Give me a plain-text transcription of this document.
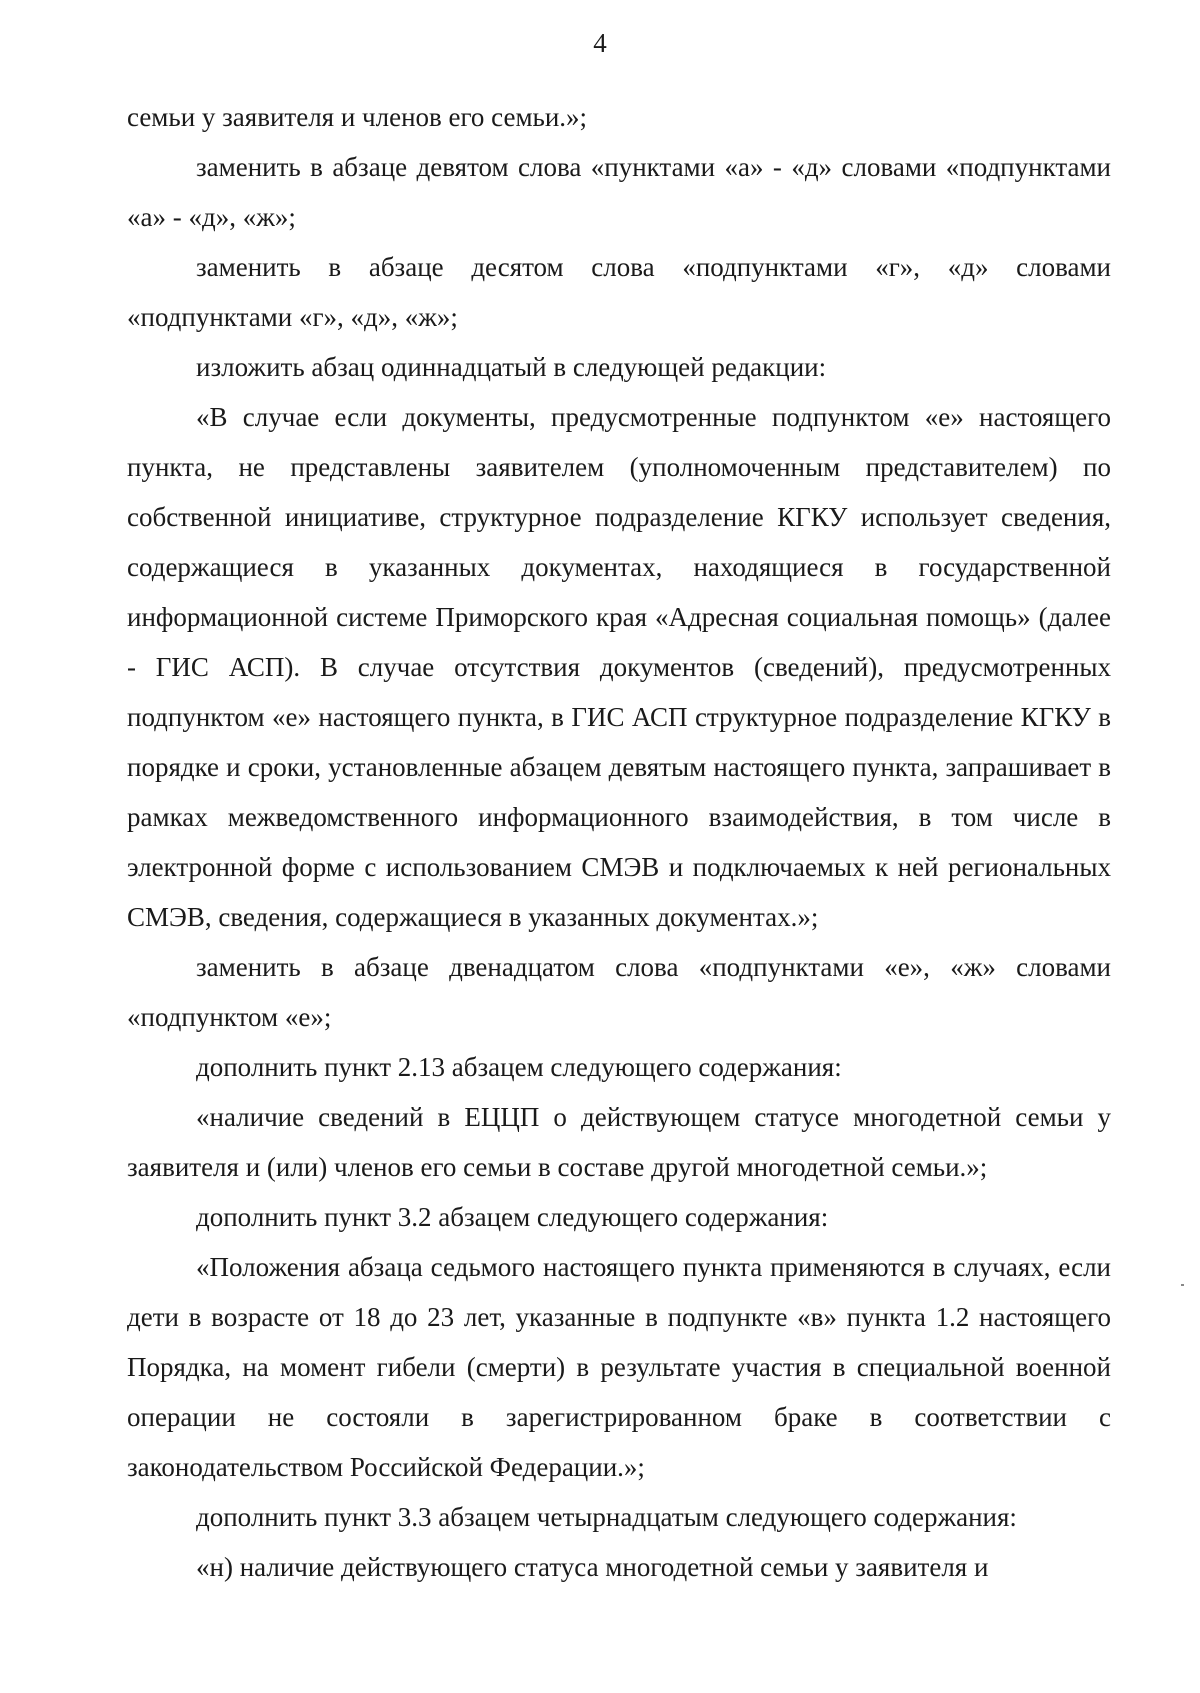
4

семьи у заявителя и членов его семьи.»;

заменить в абзаце девятом слова «пунктами «а» - «д» словами «подпунктами «а» - «д», «ж»;

заменить в абзаце десятом слова «подпунктами «г», «д» словами «подпунктами «г», «д», «ж»;

изложить абзац одиннадцатый в следующей редакции:

«В случае если документы, предусмотренные подпунктом «е» настоящего пункта, не представлены заявителем (уполномоченным представителем) по собственной инициативе, структурное подразделение КГКУ использует сведения, содержащиеся в указанных документах, находящиеся в государственной информационной системе Приморского края «Адресная социальная помощь» (далее - ГИС АСП). В случае отсутствия документов (сведений), предусмотренных подпунктом «е» настоящего пункта, в ГИС АСП структурное подразделение КГКУ в порядке и сроки, установленные абзацем девятым настоящего пункта, запрашивает в рамках межведомственного информационного взаимодействия, в том числе в электронной форме с использованием СМЭВ и подключаемых к ней региональных СМЭВ, сведения, содержащиеся в указанных документах.»;

заменить в абзаце двенадцатом слова «подпунктами «е», «ж» словами «подпунктом «е»;

дополнить пункт 2.13 абзацем следующего содержания:

«наличие сведений в ЕЦЦП о действующем статусе многодетной семьи у заявителя и (или) членов его семьи в составе другой многодетной семьи.»;

дополнить пункт 3.2 абзацем следующего содержания:

«Положения абзаца седьмого настоящего пункта применяются в случаях, если дети в возрасте от 18 до 23 лет, указанные в подпункте «в» пункта 1.2 настоящего Порядка, на момент гибели (смерти) в результате участия в специальной военной операции не состояли в зарегистрированном браке в соответствии с законодательством Российской Федерации.»;

дополнить пункт 3.3 абзацем четырнадцатым следующего содержания:

«н) наличие действующего статуса многодетной семьи у заявителя и
